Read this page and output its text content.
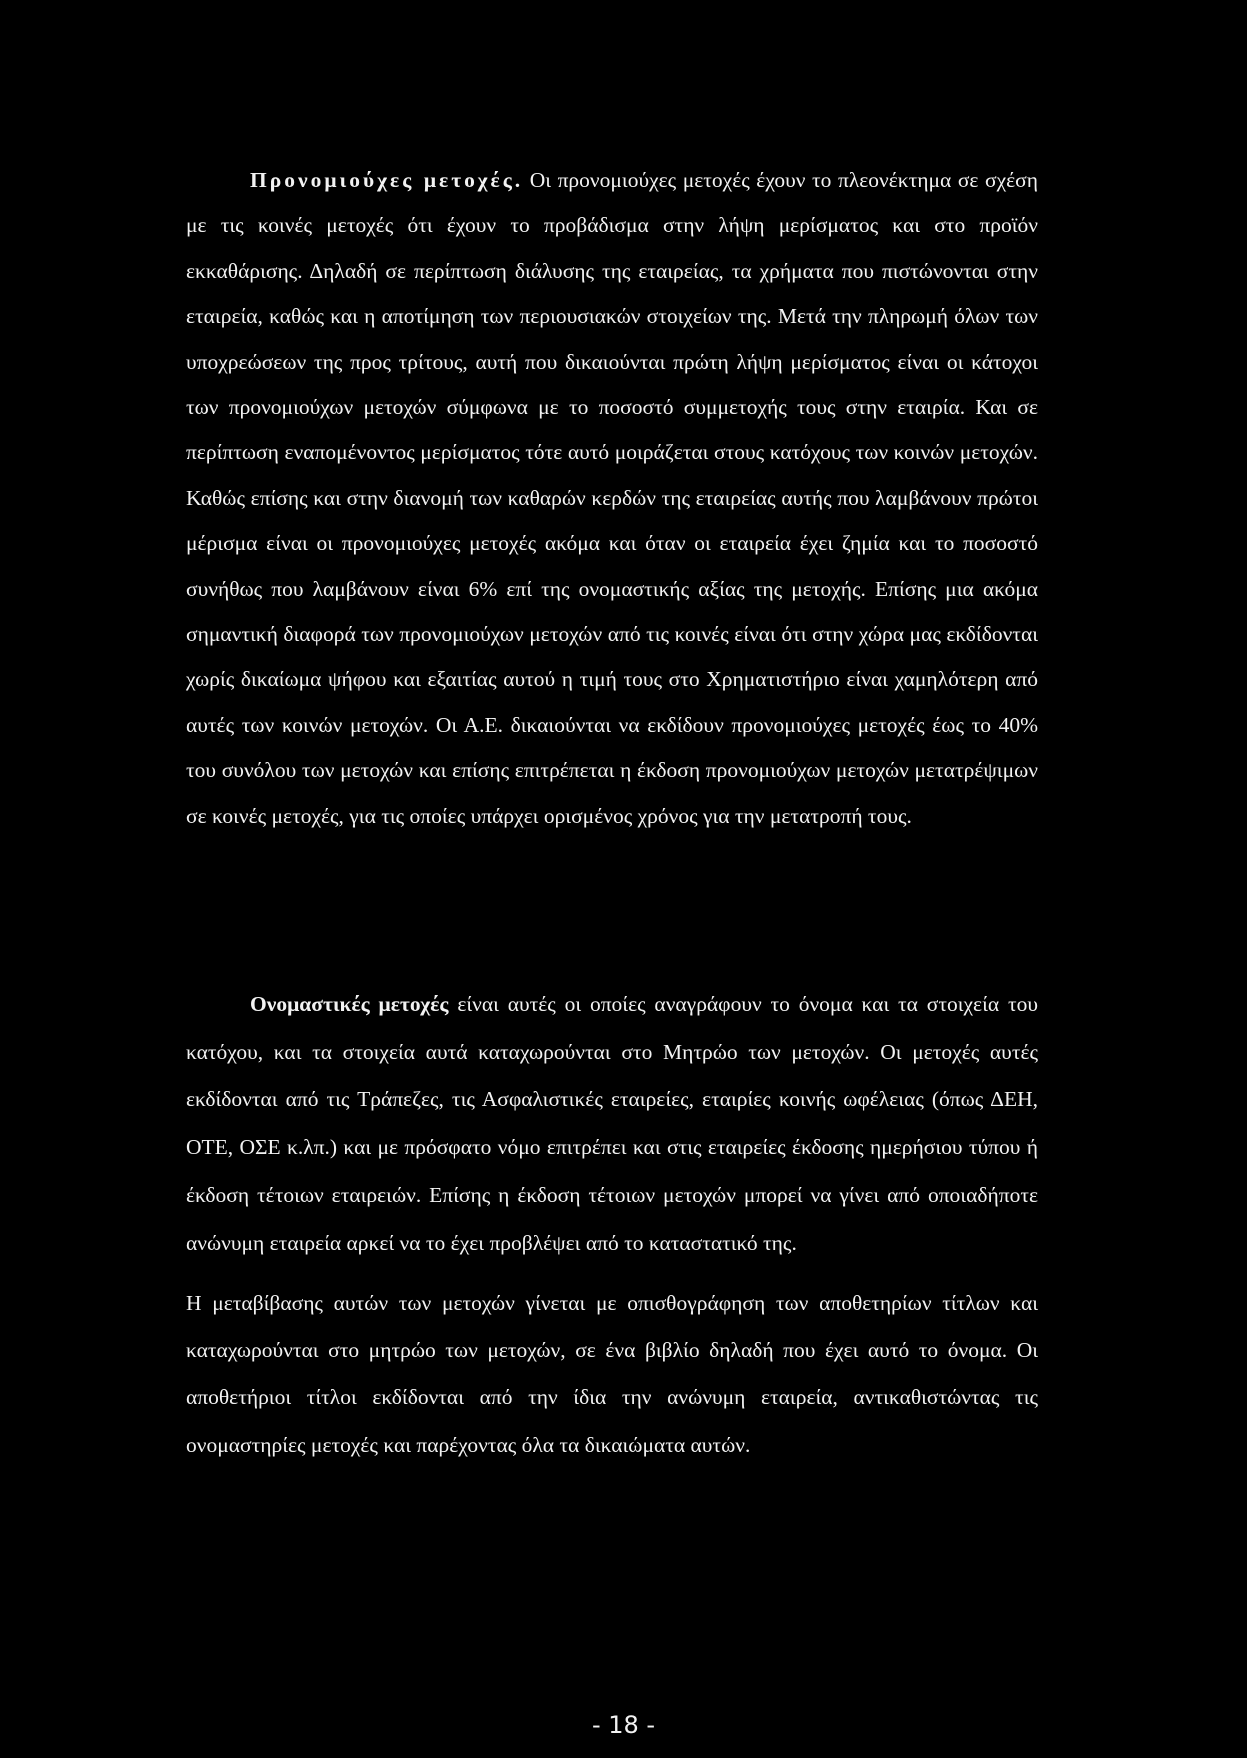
Προνομιούχες μετοχές. Οι προνομιούχες μετοχές έχουν το πλεονέκτημα σε σχέση με τις κοινές μετοχές ότι έχουν το προβάδισμα στην λήψη μερίσματος και στο προϊόν εκκαθάρισης. Δηλαδή σε περίπτωση διάλυσης της εταιρείας, τα χρήματα που πιστώνονται στην εταιρεία, καθώς και η αποτίμηση των περιουσιακών στοιχείων της. Μετά την πληρωμή όλων των υποχρεώσεων της προς τρίτους, αυτή που δικαιούνται πρώτη λήψη μερίσματος είναι οι κάτοχοι των προνομιούχων μετοχών σύμφωνα με το ποσοστό συμμετοχής τους στην εταιρία. Και σε περίπτωση εναπομένοντος μερίσματος τότε αυτό μοιράζεται στους κατόχους των κοινών μετοχών. Καθώς επίσης και στην διανομή των καθαρών κερδών της εταιρείας αυτής που λαμβάνουν πρώτοι μέρισμα είναι οι προνομιούχες μετοχές ακόμα και όταν οι εταιρεία έχει ζημία και το ποσοστό συνήθως που λαμβάνουν είναι 6% επί της ονομαστικής αξίας της μετοχής. Επίσης μια ακόμα σημαντική διαφορά των προνομιούχων μετοχών από τις κοινές είναι ότι στην χώρα μας εκδίδονται χωρίς δικαίωμα ψήφου και εξαιτίας αυτού η τιμή τους στο Χρηματιστήριο είναι χαμηλότερη από αυτές των κοινών μετοχών. Οι Α.Ε. δικαιούνται να εκδίδουν προνομιούχες μετοχές έως το 40% του συνόλου των μετοχών και επίσης επιτρέπεται η έκδοση προνομιούχων μετοχών μετατρέψιμων σε κοινές μετοχές, για τις οποίες υπάρχει ορισμένος χρόνος για την μετατροπή τους.

Ονομαστικές μετοχές είναι αυτές οι οποίες αναγράφουν το όνομα και τα στοιχεία του κατόχου, και τα στοιχεία αυτά καταχωρούνται στο Μητρώο των μετοχών. Οι μετοχές αυτές εκδίδονται από τις Τράπεζες, τις Ασφαλιστικές εταιρείες, εταιρίες κοινής ωφέλειας (όπως ΔΕΗ, ΟΤΕ, ΟΣΕ κ.λπ.) και με πρόσφατο νόμο επιτρέπει και στις εταιρείες έκδοσης ημερήσιου τύπου ή έκδοση τέτοιων εταιρειών. Επίσης η έκδοση τέτοιων μετοχών μπορεί να γίνει από οποιαδήποτε ανώνυμη εταιρεία αρκεί να το έχει προβλέψει από το καταστατικό της.

Η μεταβίβασης αυτών των μετοχών γίνεται με οπισθογράφηση των αποθετηρίων τίτλων και καταχωρούνται στο μητρώο των μετοχών, σε ένα βιβλίο δηλαδή που έχει αυτό το όνομα. Οι αποθετήριοι τίτλοι εκδίδονται από την ίδια την ανώνυμη εταιρεία, αντικαθιστώντας τις ονομαστηρίες μετοχές και παρέχοντας όλα τα δικαιώματα αυτών.

- 18 -
